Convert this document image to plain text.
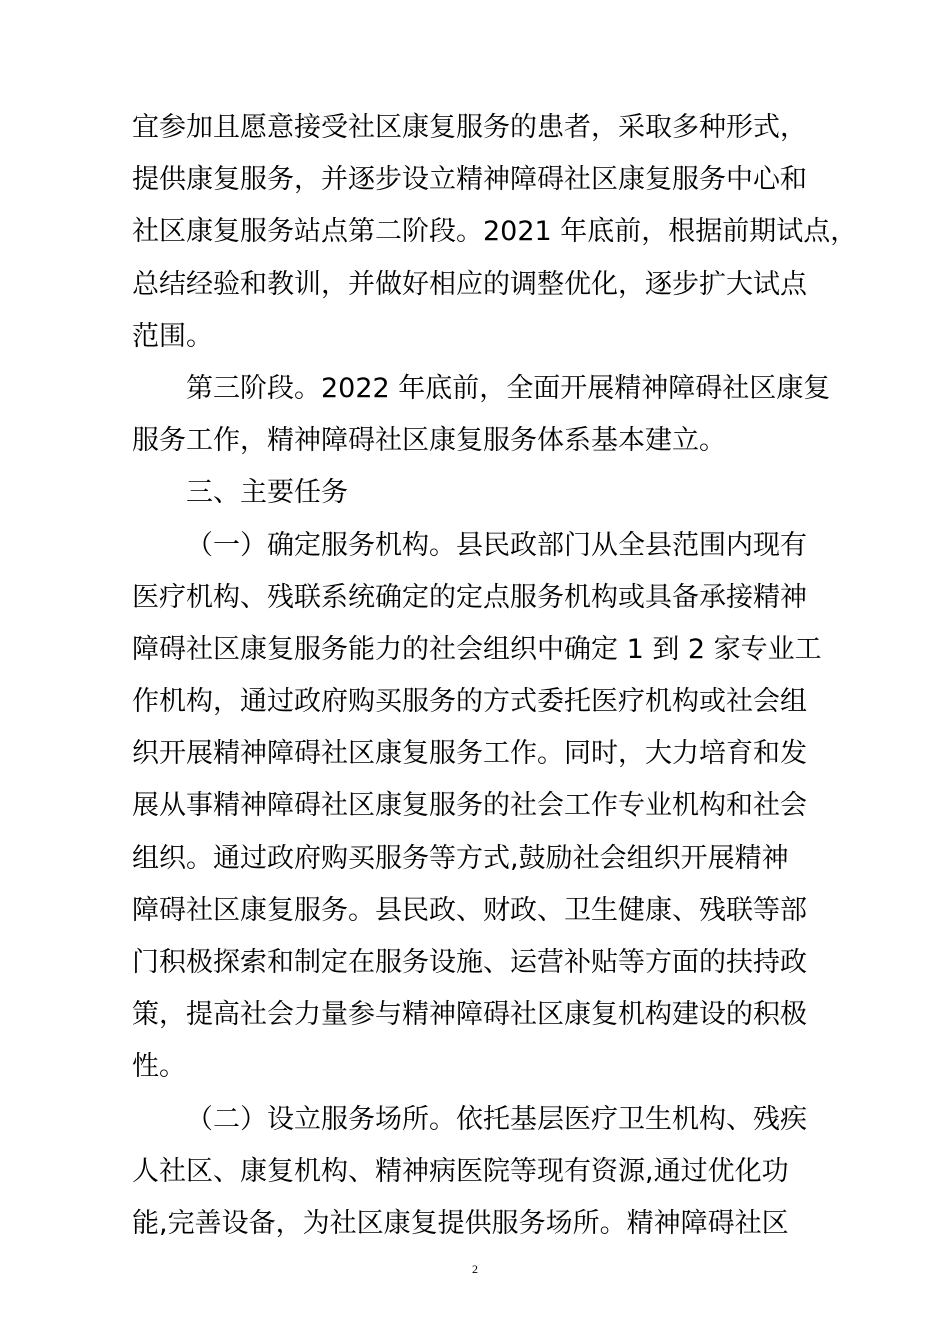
宜参加且愿意接受社区康复服务的患者，采取多种形式，
提供康复服务，并逐步设立精神障碍社区康复服务中心和
社区康复服务站点第二阶段。2021 年底前，根据前期试点，
总结经验和教训，并做好相应的调整优化，逐步扩大试点
范围。
第三阶段。2022 年底前，全面开展精神障碍社区康复
服务工作，精神障碍社区康复服务体系基本建立。
三、主要任务
（一）确定服务机构。县民政部门从全县范围内现有
医疗机构、残联系统确定的定点服务机构或具备承接精神
障碍社区康复服务能力的社会组织中确定 1 到 2 家专业工
作机构，通过政府购买服务的方式委托医疗机构或社会组
织开展精神障碍社区康复服务工作。同时，大力培育和发
展从事精神障碍社区康复服务的社会工作专业机构和社会
组织。通过政府购买服务等方式,鼓励社会组织开展精神
障碍社区康复服务。县民政、财政、卫生健康、残联等部
门积极探索和制定在服务设施、运营补贴等方面的扶持政
策，提高社会力量参与精神障碍社区康复机构建设的积极
性。
（二）设立服务场所。依托基层医疗卫生机构、残疾
人社区、康复机构、精神病医院等现有资源,通过优化功
能,完善设备，为社区康复提供服务场所。精神障碍社区
2
